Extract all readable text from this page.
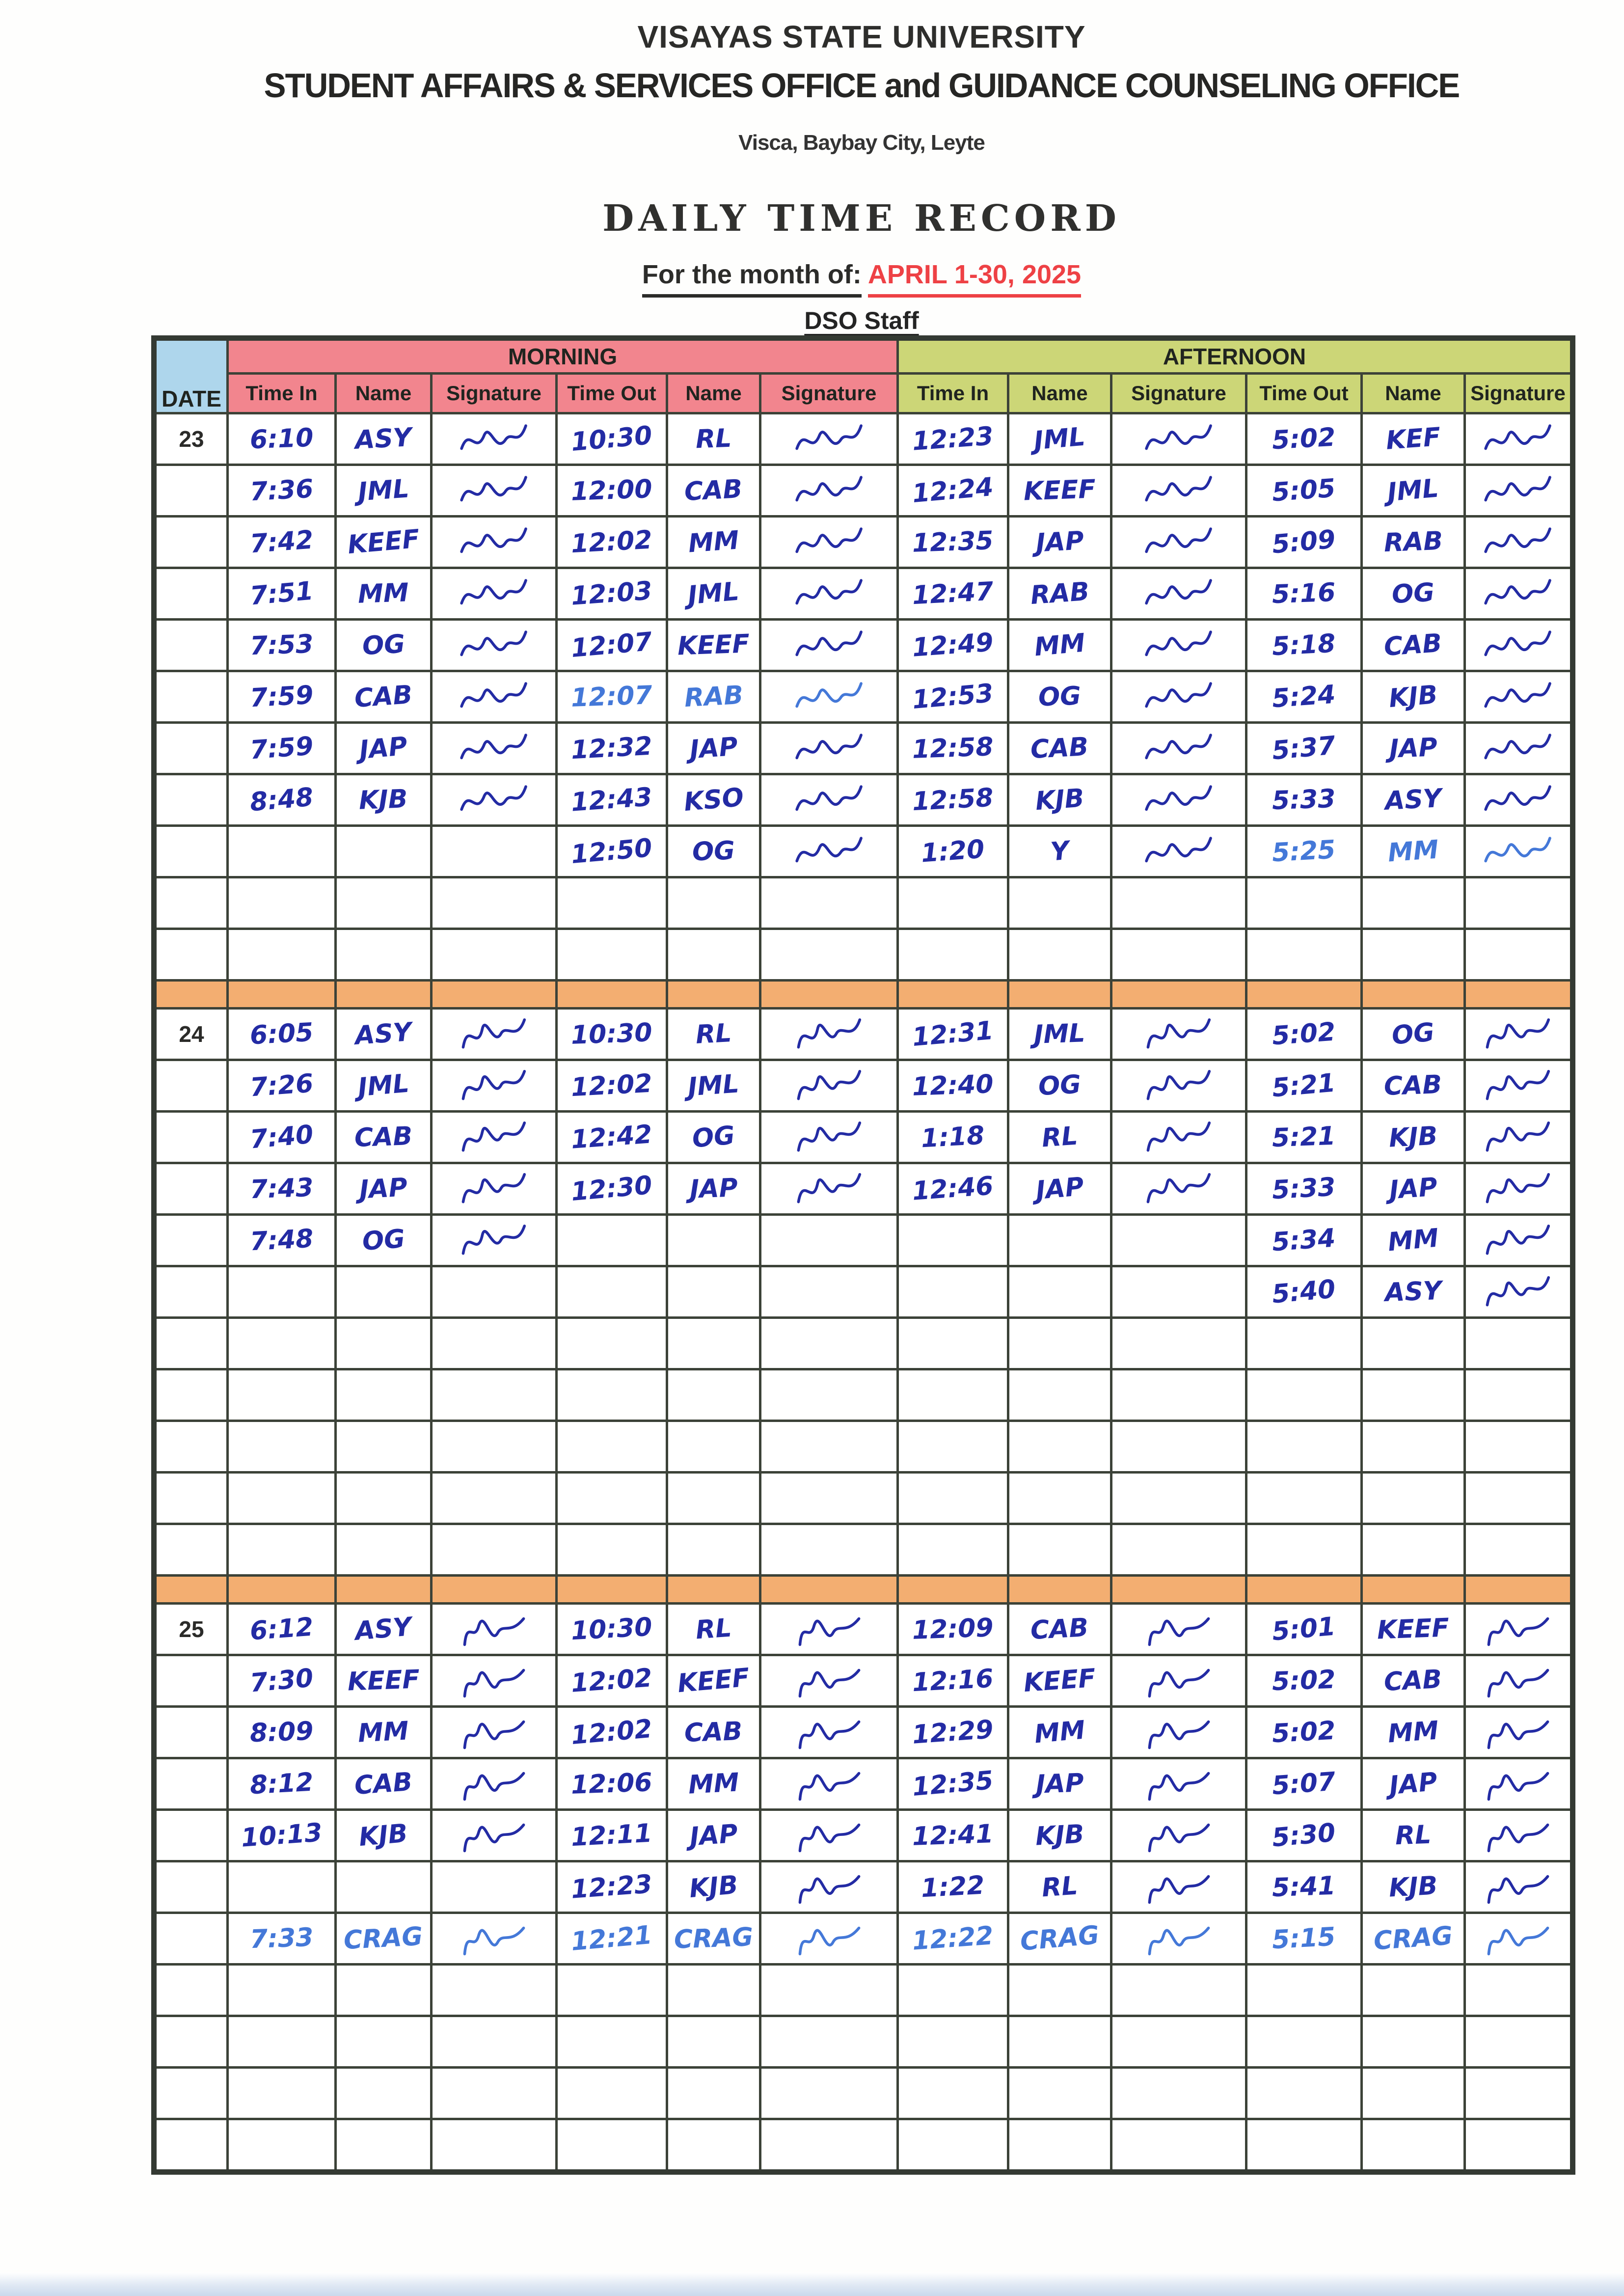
VISAYAS STATE UNIVERSITY
STUDENT AFFAIRS & SERVICES OFFICE and GUIDANCE COUNSELING OFFICE
Visca, Baybay City, Leyte
DAILY TIME RECORD
For the month of: APRIL 1-30, 2025
DSO Staff
DATE	MORNING						AFTERNOON					
	Time In	Name	Signature	Time Out	Name	Signature	Time In	Name	Signature	Time Out	Name	Signature
23	6:10	ASY		10:30	RL		12:23	JML		5:02	KEF	

	7:36	JML		12:00	CAB		12:24	KEEF		5:05	JML	

	7:42	KEEF		12:02	MM		12:35	JAP		5:09	RAB	

	7:51	MM		12:03	JML		12:47	RAB		5:16	OG	

	7:53	OG		12:07	KEEF		12:49	MM		5:18	CAB	

	7:59	CAB		12:07	RAB		12:53	OG		5:24	KJB	

	7:59	JAP		12:32	JAP		12:58	CAB		5:37	JAP	

	8:48	KJB		12:43	KSO		12:58	KJB		5:33	ASY	

				12:50	OG		1:20	Y		5:25	MM	

24	6:05	ASY		10:30	RL		12:31	JML		5:02	OG	

	7:26	JML		12:02	JML		12:40	OG		5:21	CAB	

	7:40	CAB		12:42	OG		1:18	RL		5:21	KJB	

	7:43	JAP		12:30	JAP		12:46	JAP		5:33	JAP	

	7:48	OG								5:34	MM	

										5:40	ASY	

25	6:12	ASY		10:30	RL		12:09	CAB		5:01	KEEF	

	7:30	KEEF		12:02	KEEF		12:16	KEEF		5:02	CAB	

	8:09	MM		12:02	CAB		12:29	MM		5:02	MM	

	8:12	CAB		12:06	MM		12:35	JAP		5:07	JAP	

	10:13	KJB		12:11	JAP		12:41	KJB		5:30	RL	

				12:23	KJB		1:22	RL		5:41	KJB	

	7:33	CRAG		12:21	CRAG		12:22	CRAG		5:15	CRAG	
